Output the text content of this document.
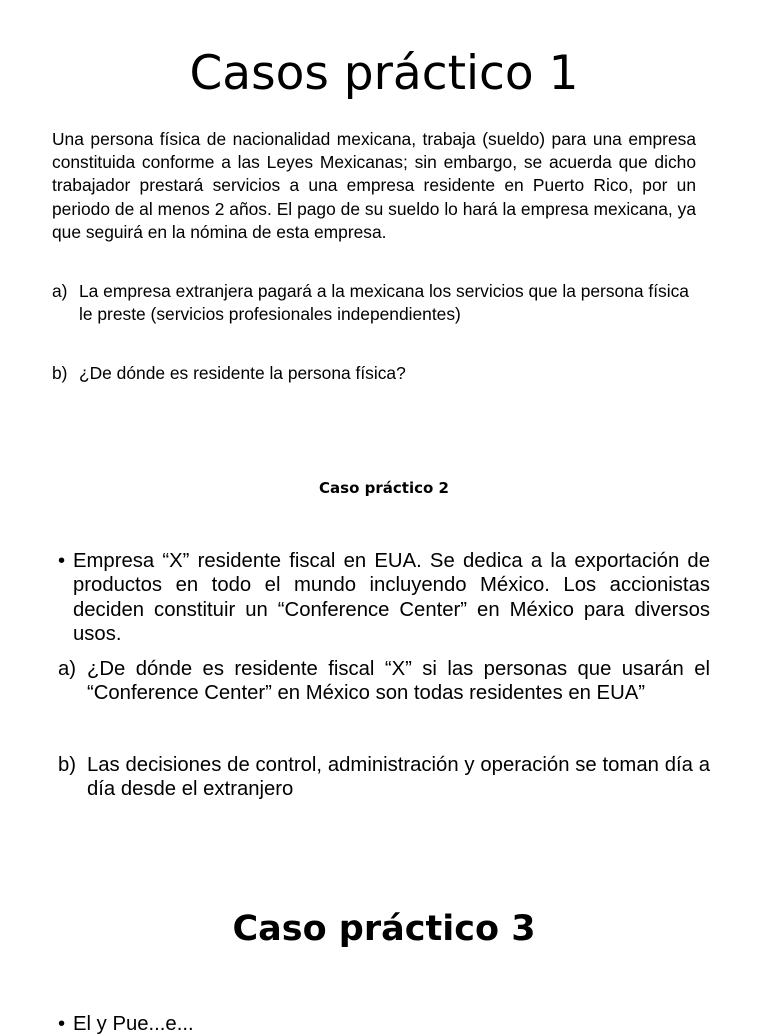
Casos práctico 1

Una persona física de nacionalidad mexicana, trabaja (sueldo) para una empresa constituida conforme a las Leyes Mexicanas; sin embargo, se acuerda que dicho trabajador prestará servicios a una empresa residente en Puerto Rico, por un periodo de al menos 2 años. El pago de su sueldo lo hará la empresa mexicana, ya que seguirá en la nómina de esta empresa.

a) La empresa extranjera pagará a la mexicana los servicios que la persona física le preste (servicios profesionales independientes)
b) ¿De dónde es residente la persona física?
Caso práctico 2
• Empresa “X” residente fiscal en EUA. Se dedica a la exportación de productos en todo el mundo incluyendo México. Los accionistas deciden constituir un “Conference Center” en México para diversos usos.
a) ¿De dónde es residente fiscal “X” si las personas que usarán el “Conference Center” en México son todas residentes en EUA”
b) Las decisiones de control, administración y operación se toman día a día desde el extranjero
Caso práctico 3
• El y Pue...e...
